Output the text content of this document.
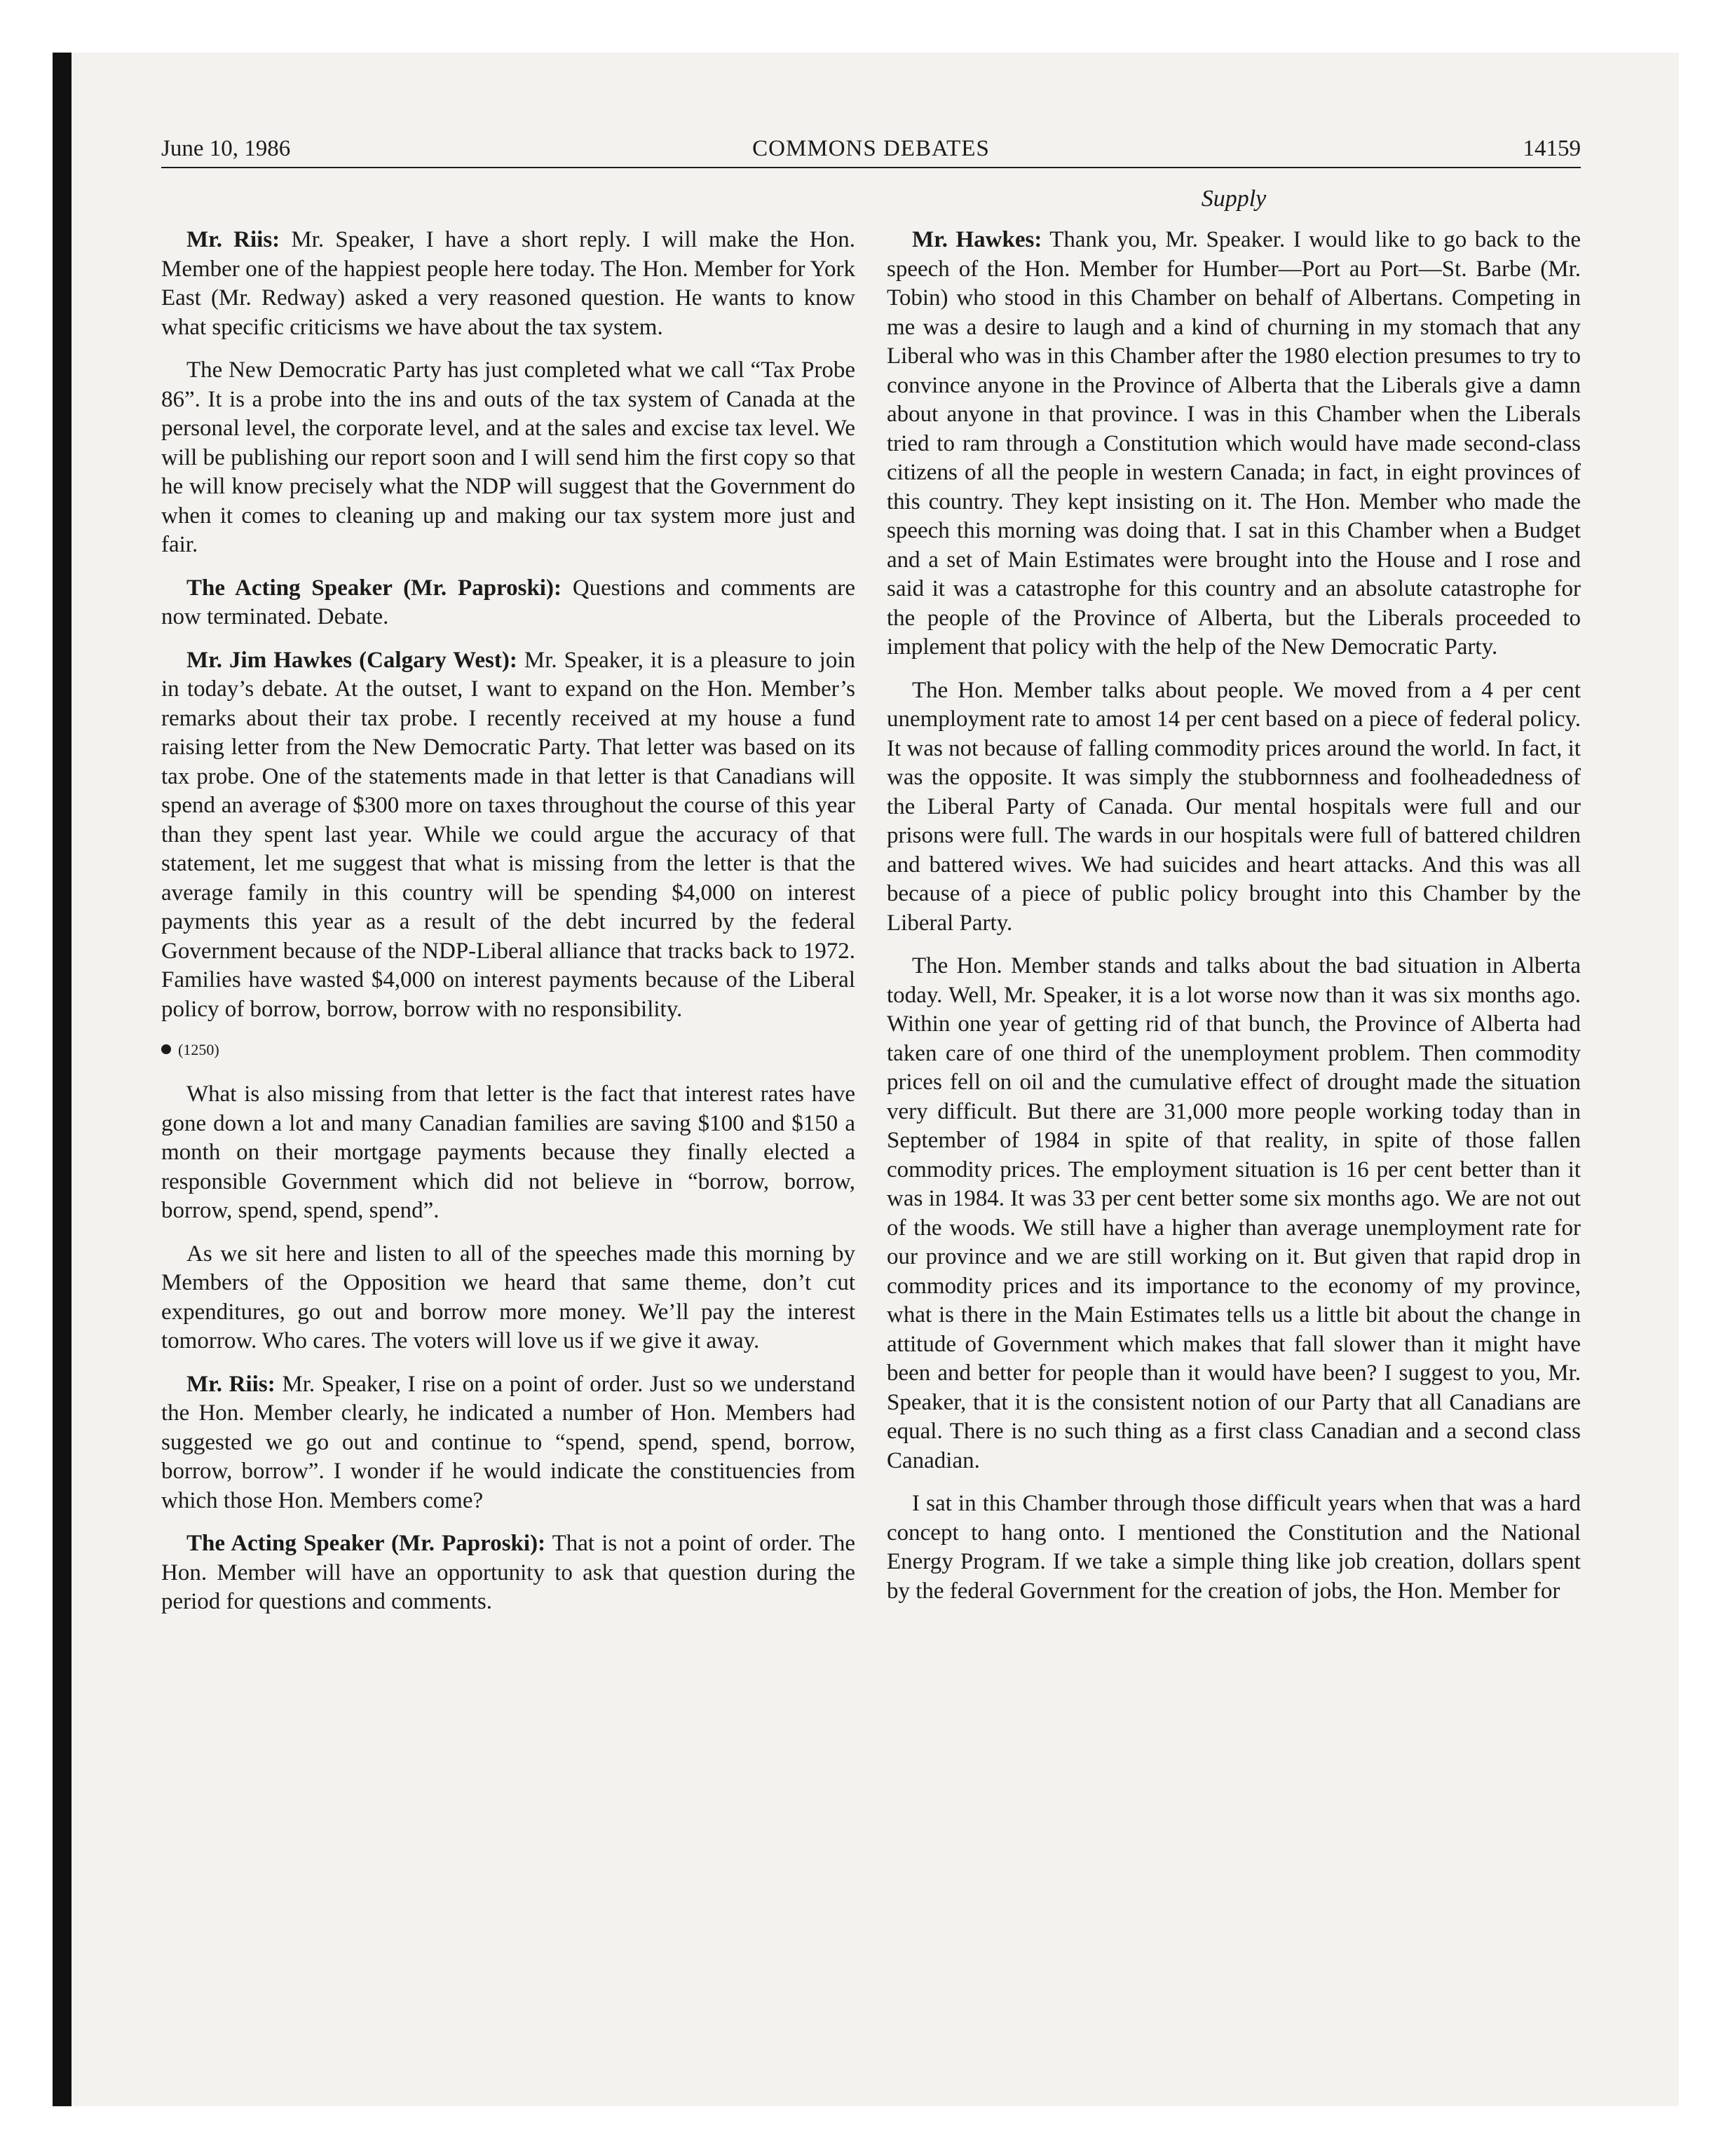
June 10, 1986	COMMONS DEBATES	14159
Supply

Mr. Riis: Mr. Speaker, I have a short reply. I will make the Hon. Member one of the happiest people here today. The Hon. Member for York East (Mr. Redway) asked a very reasoned question. He wants to know what specific criticisms we have about the tax system.

The New Democratic Party has just completed what we call “Tax Probe 86”. It is a probe into the ins and outs of the tax system of Canada at the personal level, the corporate level, and at the sales and excise tax level. We will be publishing our report soon and I will send him the first copy so that he will know precisely what the NDP will suggest that the Government do when it comes to cleaning up and making our tax system more just and fair.

The Acting Speaker (Mr. Paproski): Questions and comments are now terminated. Debate.

Mr. Jim Hawkes (Calgary West): Mr. Speaker, it is a pleasure to join in today’s debate. At the outset, I want to expand on the Hon. Member’s remarks about their tax probe. I recently received at my house a fund raising letter from the New Democratic Party. That letter was based on its tax probe. One of the statements made in that letter is that Canadians will spend an average of $300 more on taxes throughout the course of this year than they spent last year. While we could argue the accuracy of that statement, let me suggest that what is missing from the letter is that the average family in this country will be spending $4,000 on interest payments this year as a result of the debt incurred by the federal Government because of the NDP-Liberal alliance that tracks back to 1972. Families have wasted $4,000 on interest payments because of the Liberal policy of borrow, borrow, borrow with no responsibility.

(1250)

What is also missing from that letter is the fact that interest rates have gone down a lot and many Canadian families are saving $100 and $150 a month on their mortgage payments because they finally elected a responsible Government which did not believe in “borrow, borrow, borrow, spend, spend, spend”.

As we sit here and listen to all of the speeches made this morning by Members of the Opposition we heard that same theme, don’t cut expenditures, go out and borrow more money. We’ll pay the interest tomorrow. Who cares. The voters will love us if we give it away.

Mr. Riis: Mr. Speaker, I rise on a point of order. Just so we understand the Hon. Member clearly, he indicated a number of Hon. Members had suggested we go out and continue to “spend, spend, spend, borrow, borrow, borrow”. I wonder if he would indicate the constituencies from which those Hon. Members come?

The Acting Speaker (Mr. Paproski): That is not a point of order. The Hon. Member will have an opportunity to ask that question during the period for questions and comments.

Mr. Hawkes: Thank you, Mr. Speaker. I would like to go back to the speech of the Hon. Member for Humber—Port au Port—St. Barbe (Mr. Tobin) who stood in this Chamber on behalf of Albertans. Competing in me was a desire to laugh and a kind of churning in my stomach that any Liberal who was in this Chamber after the 1980 election presumes to try to convince anyone in the Province of Alberta that the Liberals give a damn about anyone in that province. I was in this Chamber when the Liberals tried to ram through a Constitution which would have made second-class citizens of all the people in western Canada; in fact, in eight provinces of this country. They kept insisting on it. The Hon. Member who made the speech this morning was doing that. I sat in this Chamber when a Budget and a set of Main Estimates were brought into the House and I rose and said it was a catastrophe for this country and an absolute catastrophe for the people of the Province of Alberta, but the Liberals proceeded to implement that policy with the help of the New Democratic Party.

The Hon. Member talks about people. We moved from a 4 per cent unemployment rate to amost 14 per cent based on a piece of federal policy. It was not because of falling commodity prices around the world. In fact, it was the opposite. It was simply the stubbornness and foolheadedness of the Liberal Party of Canada. Our mental hospitals were full and our prisons were full. The wards in our hospitals were full of battered children and battered wives. We had suicides and heart attacks. And this was all because of a piece of public policy brought into this Chamber by the Liberal Party.

The Hon. Member stands and talks about the bad situation in Alberta today. Well, Mr. Speaker, it is a lot worse now than it was six months ago. Within one year of getting rid of that bunch, the Province of Alberta had taken care of one third of the unemployment problem. Then commodity prices fell on oil and the cumulative effect of drought made the situation very difficult. But there are 31,000 more people working today than in September of 1984 in spite of that reality, in spite of those fallen commodity prices. The employment situation is 16 per cent better than it was in 1984. It was 33 per cent better some six months ago. We are not out of the woods. We still have a higher than average unemployment rate for our province and we are still working on it. But given that rapid drop in commodity prices and its importance to the economy of my province, what is there in the Main Estimates tells us a little bit about the change in attitude of Government which makes that fall slower than it might have been and better for people than it would have been? I suggest to you, Mr. Speaker, that it is the consistent notion of our Party that all Canadians are equal. There is no such thing as a first class Canadian and a second class Canadian.

I sat in this Chamber through those difficult years when that was a hard concept to hang onto. I mentioned the Constitution and the National Energy Program. If we take a simple thing like job creation, dollars spent by the federal Government for the creation of jobs, the Hon. Member for
